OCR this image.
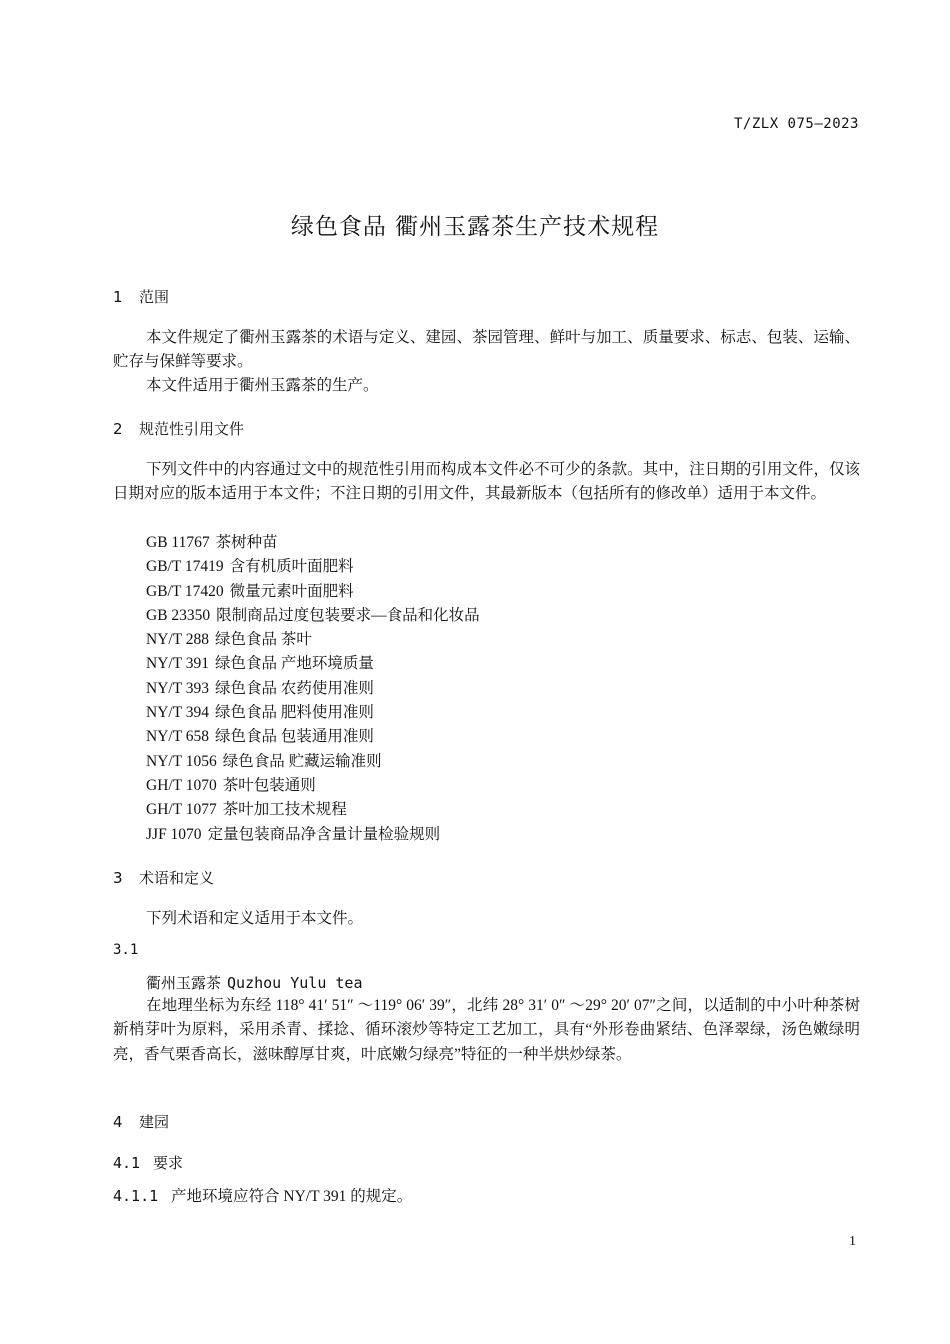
T/ZLX 075—2023
绿色食品 衢州玉露茶生产技术规程
1 范围
本文件规定了衢州玉露茶的术语与定义、建园、茶园管理、鲜叶与加工、质量要求、标志、包装、运输、贮存与保鲜等要求。
本文件适用于衢州玉露茶的生产。
2 规范性引用文件
下列文件中的内容通过文中的规范性引用而构成本文件必不可少的条款。其中，注日期的引用文件，仅该日期对应的版本适用于本文件；不注日期的引用文件，其最新版本（包括所有的修改单）适用于本文件。
GB 11767 茶树种苗
GB/T 17419 含有机质叶面肥料
GB/T 17420 微量元素叶面肥料
GB 23350 限制商品过度包装要求—食品和化妆品
NY/T 288 绿色食品 茶叶
NY/T 391 绿色食品 产地环境质量
NY/T 393 绿色食品 农药使用准则
NY/T 394 绿色食品 肥料使用准则
NY/T 658 绿色食品 包装通用准则
NY/T 1056 绿色食品 贮藏运输准则
GH/T 1070 茶叶包装通则
GH/T 1077 茶叶加工技术规程
JJF 1070 定量包装商品净含量计量检验规则
3 术语和定义
下列术语和定义适用于本文件。
3.1
衢州玉露茶 Quzhou Yulu tea
在地理坐标为东经 118° 41′ 51″ ～119° 06′ 39″，北纬 28° 31′ 0″ ～29° 20′ 07″之间，以适制的中小叶种茶树新梢芽叶为原料，采用杀青、揉捻、循环滚炒等特定工艺加工，具有“外形卷曲紧结、色泽翠绿，汤色嫩绿明亮，香气栗香高长，滋味醇厚甘爽，叶底嫩匀绿亮”特征的一种半烘炒绿茶。
4 建园
4.1 要求
4.1.1 产地环境应符合 NY/T 391 的规定。
1
